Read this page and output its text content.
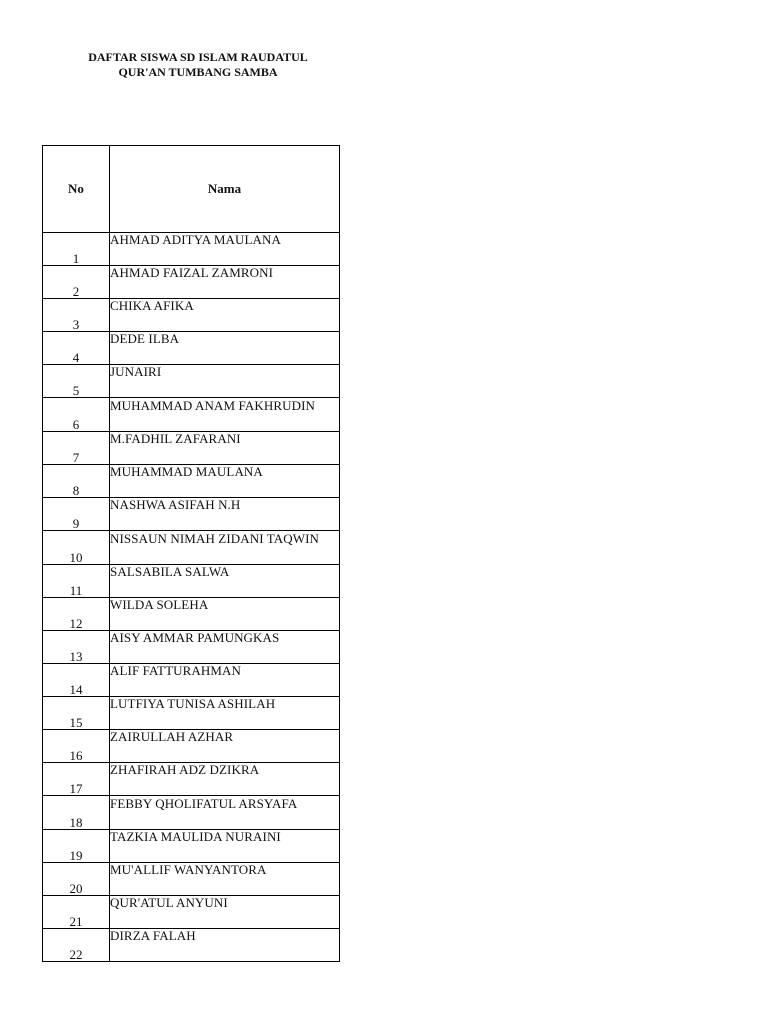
DAFTAR SISWA SD ISLAM RAUDATUL
QUR'AN TUMBANG SAMBA
No	Nama
1	AHMAD ADITYA MAULANA
2	AHMAD FAIZAL ZAMRONI
3	CHIKA AFIKA
4	DEDE ILBA
5	JUNAIRI
6	MUHAMMAD ANAM FAKHRUDIN
7	M.FADHIL ZAFARANI
8	MUHAMMAD MAULANA
9	NASHWA ASIFAH N.H
10	NISSAUN NIMAH ZIDANI TAQWIN
11	SALSABILA SALWA
12	WILDA SOLEHA
13	AISY AMMAR PAMUNGKAS
14	ALIF FATTURAHMAN
15	LUTFIYA TUNISA ASHILAH
16	ZAIRULLAH AZHAR
17	ZHAFIRAH ADZ DZIKRA
18	FEBBY QHOLIFATUL ARSYAFA
19	TAZKIA MAULIDA NURAINI
20	MU'ALLIF WANYANTORA
21	QUR'ATUL ANYUNI
22	DIRZA FALAH
